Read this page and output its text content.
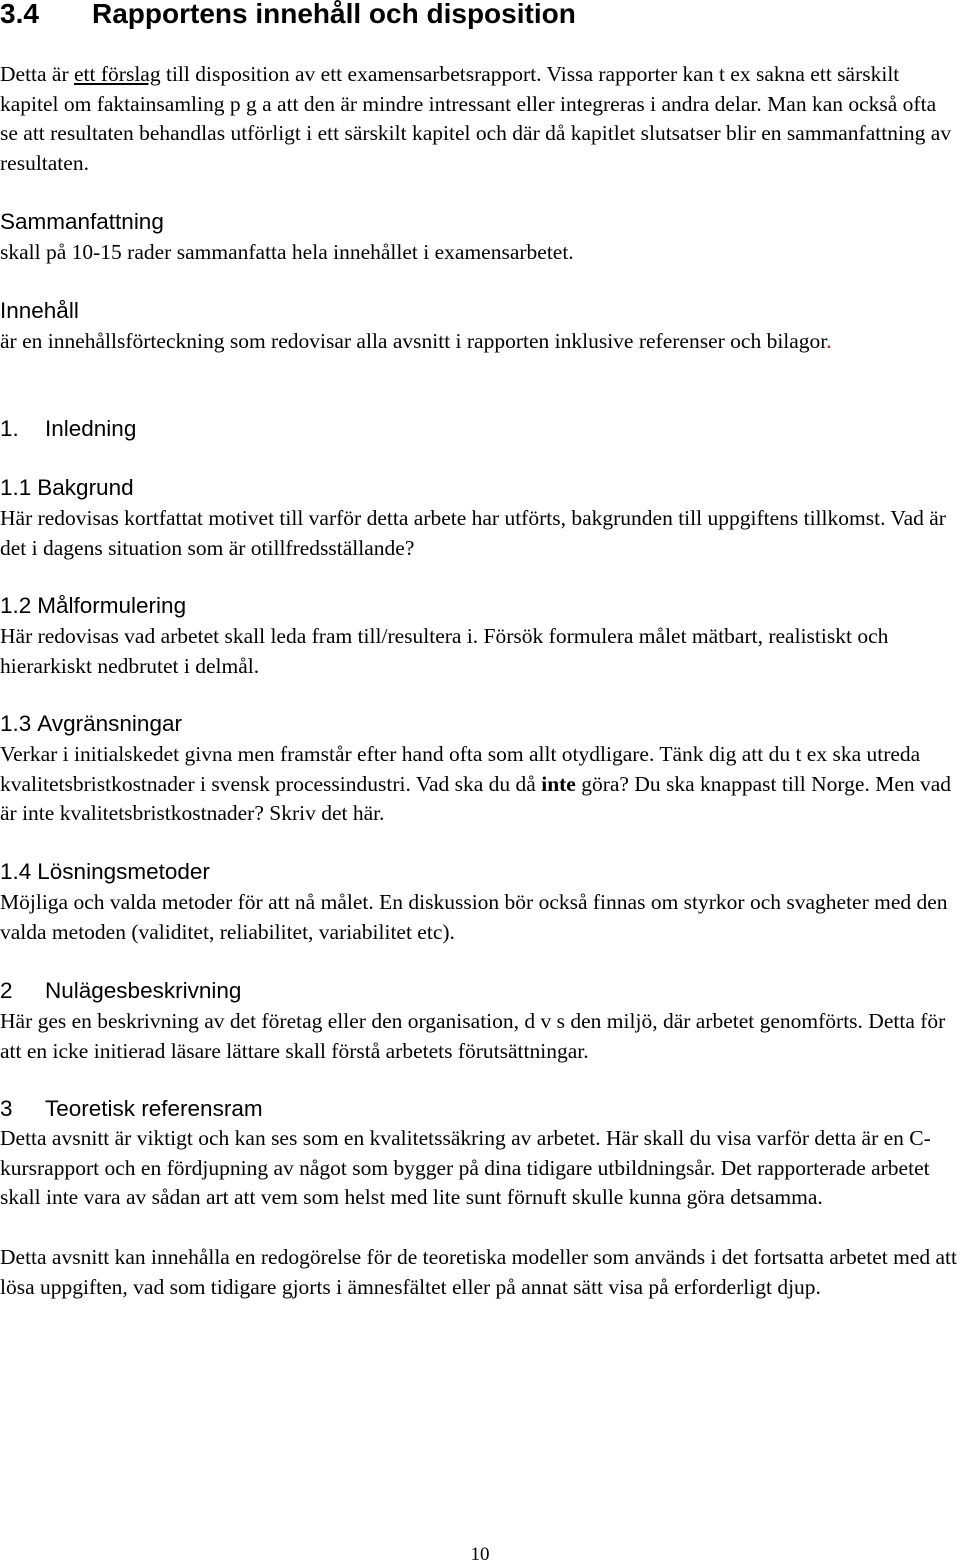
3.4 Rapportens innehåll och disposition

Detta är ett förslag till disposition av ett examensarbetsrapport. Vissa rapporter kan t ex sakna ett särskilt kapitel om faktainsamling p g a att den är mindre intressant eller integreras i andra delar. Man kan också ofta se att resultaten behandlas utförligt i ett särskilt kapitel och där då kapitlet slutsatser blir en sammanfattning av resultaten.

Sammanfattning

skall på 10-15 rader sammanfatta hela innehållet i examensarbetet.

Innehåll

är en innehållsförteckning som redovisar alla avsnitt i rapporten inklusive referenser och bilagor.

1. Inledning
1.1 Bakgrund

Här redovisas kortfattat motivet till varför detta arbete har utförts, bakgrunden till uppgiftens tillkomst. Vad är det i dagens situation som är otillfredsställande?

1.2 Målformulering

Här redovisas vad arbetet skall leda fram till/resultera i. Försök formulera målet mätbart, realistiskt och hierarkiskt nedbrutet i delmål.

1.3 Avgränsningar

Verkar i initialskedet givna men framstår efter hand ofta som allt otydligare. Tänk dig att du t ex ska utreda kvalitetsbristkostnader i svensk processindustri. Vad ska du då inte göra? Du ska knappast till Norge. Men vad är inte kvalitetsbristkostnader? Skriv det här.

1.4 Lösningsmetoder

Möjliga och valda metoder för att nå målet. En diskussion bör också finnas om styrkor och svagheter med den valda metoden (validitet, reliabilitet, variabilitet etc).

2 Nulägesbeskrivning

Här ges en beskrivning av det företag eller den organisation, d v s den miljö, där arbetet genomförts. Detta för att en icke initierad läsare lättare skall förstå arbetets förutsättningar.

3 Teoretisk referensram

Detta avsnitt är viktigt och kan ses som en kvalitetssäkring av arbetet. Här skall du visa varför detta är en C-kursrapport och en fördjupning av något som bygger på dina tidigare utbildningsår. Det rapporterade arbetet skall inte vara av sådan art att vem som helst med lite sunt förnuft skulle kunna göra detsamma.

Detta avsnitt kan innehålla en redogörelse för de teoretiska modeller som används i det fortsatta arbetet med att lösa uppgiften, vad som tidigare gjorts i ämnesfältet eller på annat sätt visa på erforderligt djup.

10
